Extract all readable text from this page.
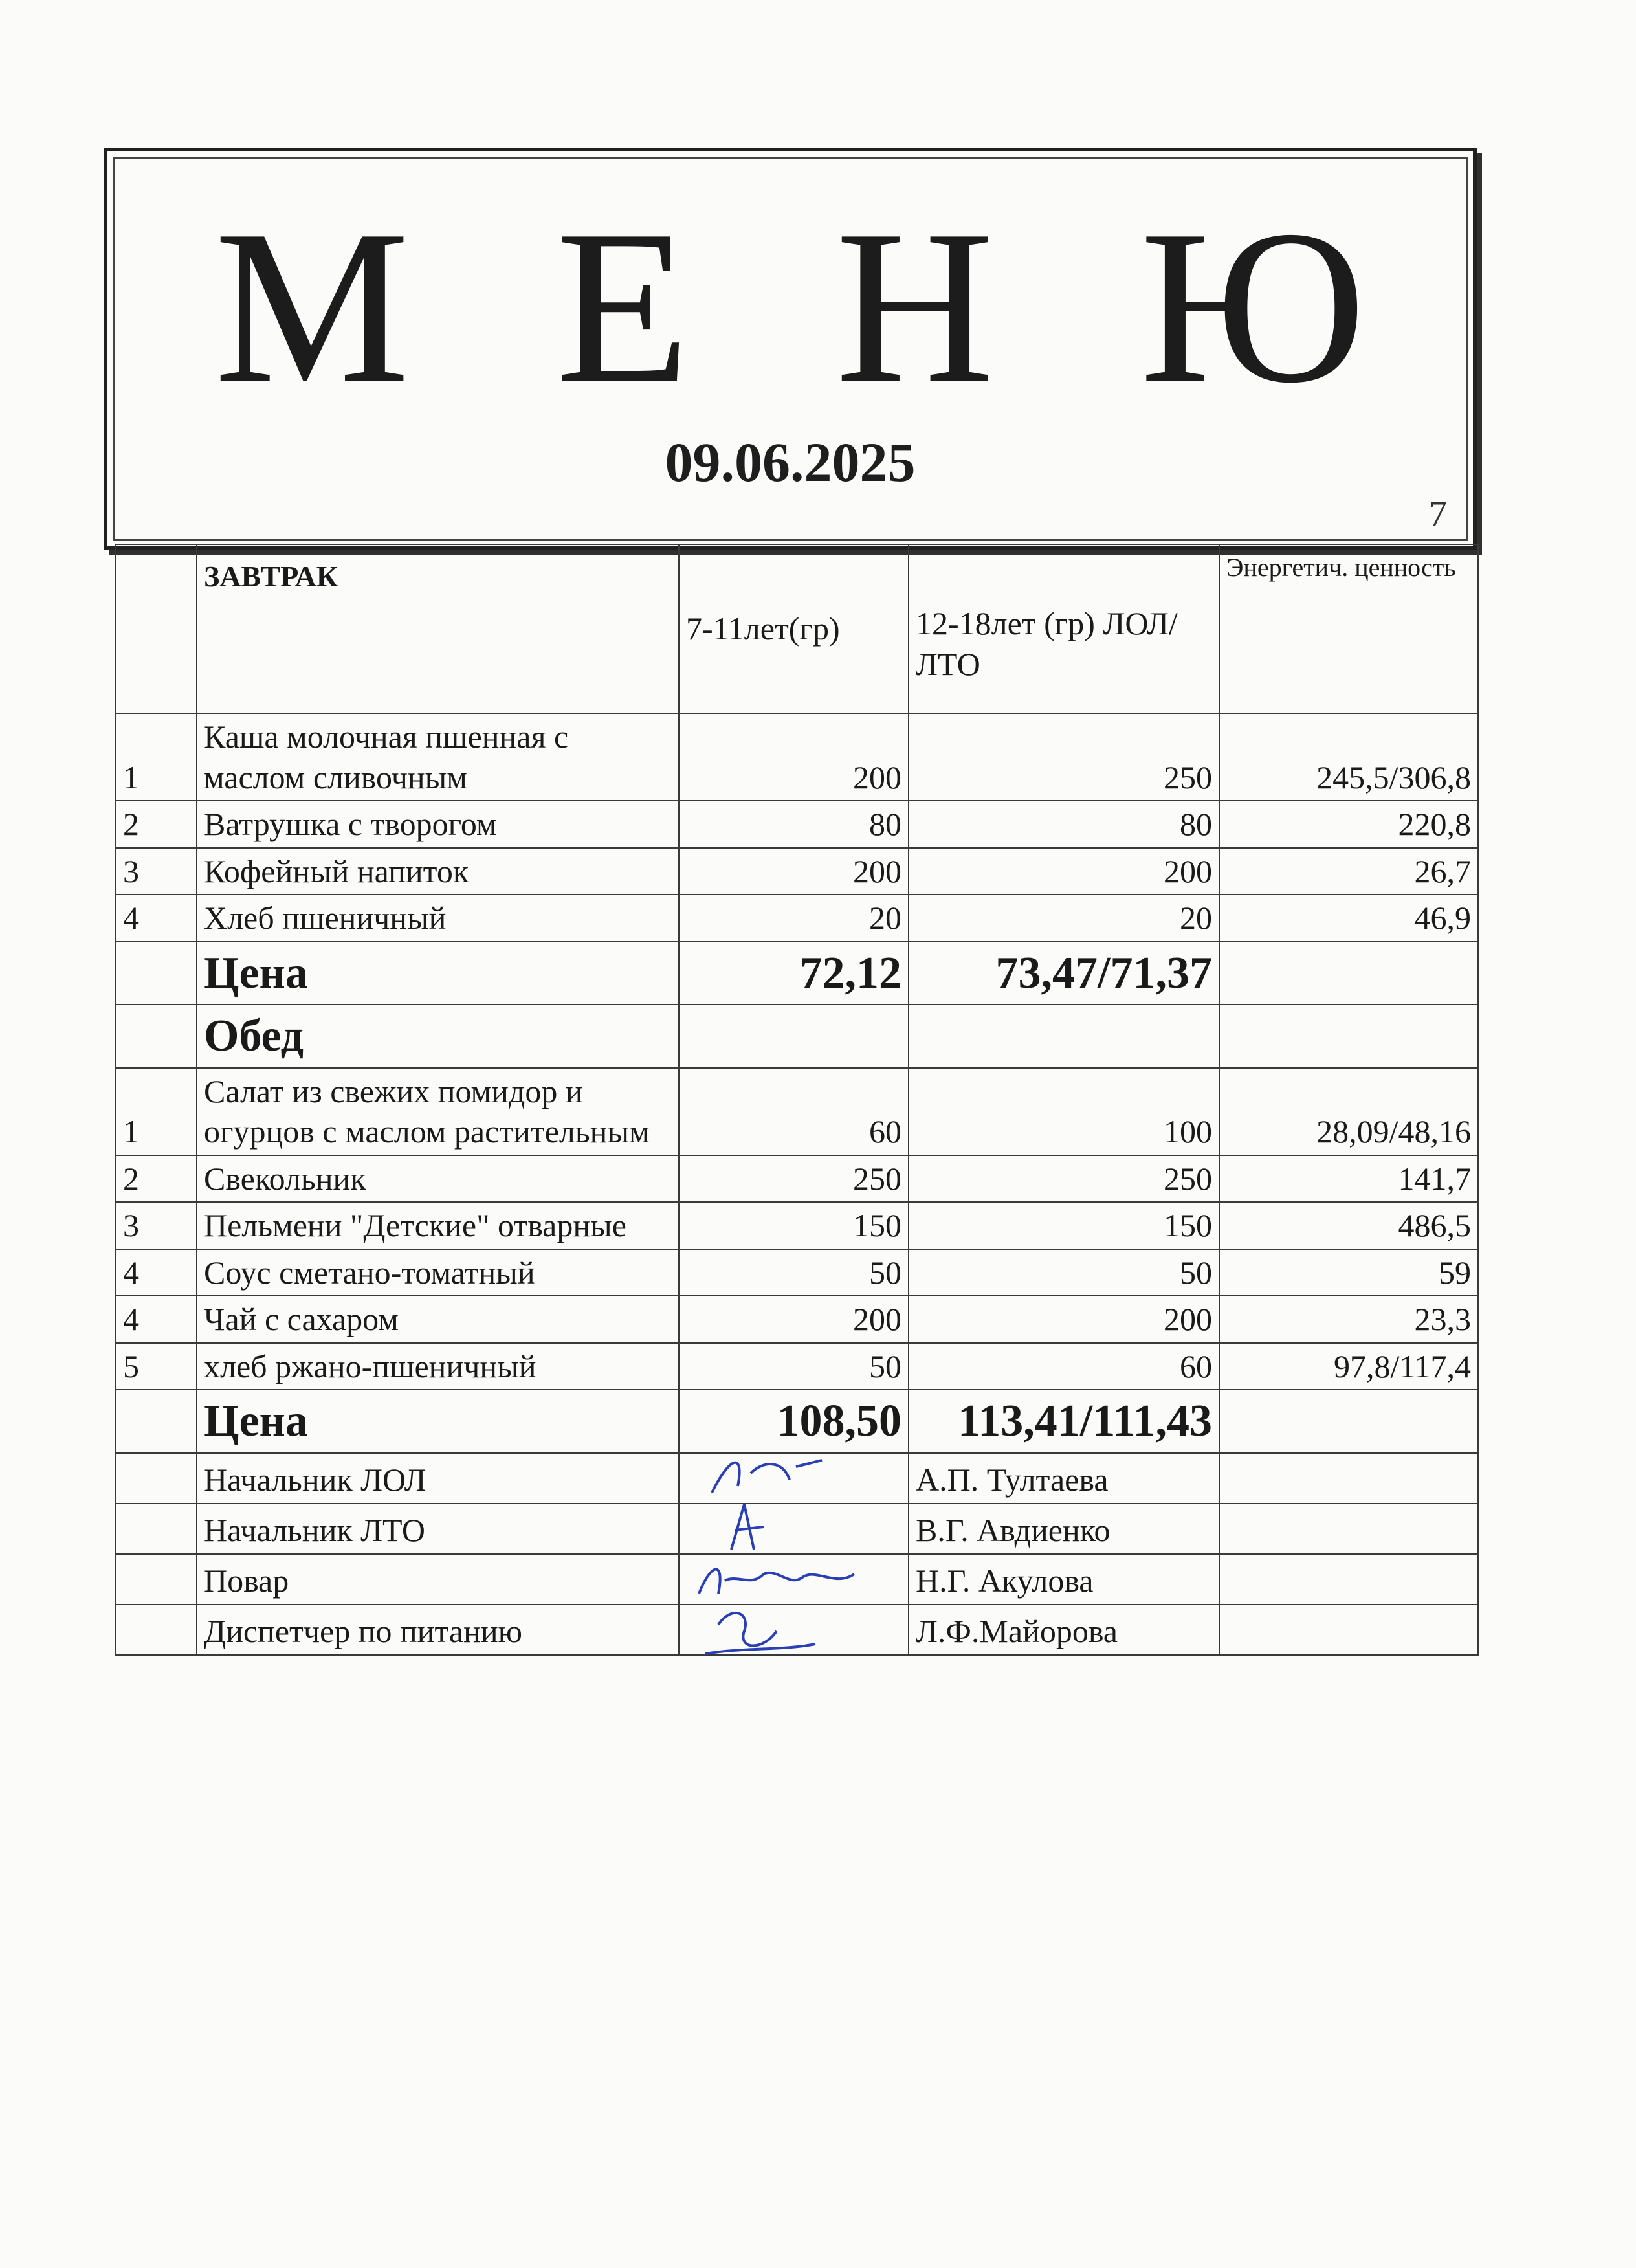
М Е Н Ю
09.06.2025
7
	ЗАВТРАК	7-11лет(гр)	12-18лет (гр) ЛОЛ/ЛТО	Энергетич. ценность
1	Каша молочная пшенная с маслом сливочным	200	250	245,5/306,8
2	Ватрушка с творогом	80	80	220,8
3	Кофейный напиток	200	200	26,7
4	Хлеб пшеничный	20	20	46,9
	Цена	72,12	73,47/71,37	
	Обед			
1	Салат из свежих помидор и огурцов с маслом растительным	60	100	28,09/48,16
2	Свекольник	250	250	141,7
3	Пельмени "Детские" отварные	150	150	486,5
4	Соус сметано-томатный	50	50	59
4	Чай с сахаром	200	200	23,3
5	хлеб ржано-пшеничный	50	60	97,8/117,4
	Цена	108,50	113,41/111,43	
	Начальник ЛОЛ		А.П. Тултаева	
	Начальник ЛТО		В.Г. Авдиенко	
	Повар		Н.Г. Акулова	
	Диспетчер по питанию		Л.Ф.Майорова	
